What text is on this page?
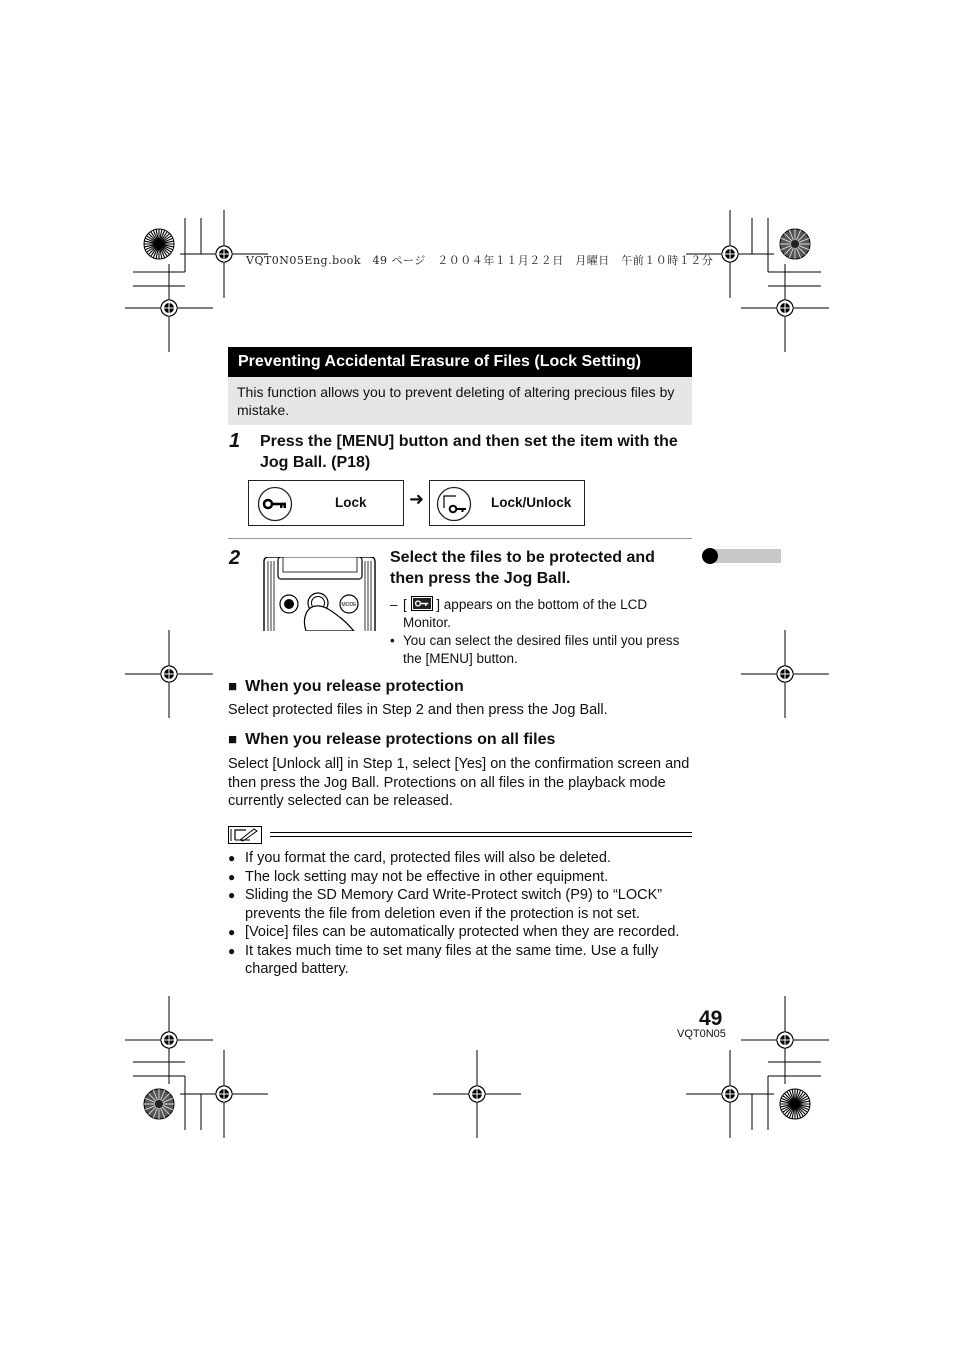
VQT0N05Eng.book　49 ページ　２００４年１１月２２日　月曜日　午前１０時１２分
Preventing Accidental Erasure of Files (Lock Setting)
This function allows you to prevent deleting of altering precious files by mistake.
1 Press the [MENU] button and then set the item with the Jog Ball. (P18)
Lock ➜	Lock/Unlock
2
MODE
Select the files to be protected and then press the Jog Ball.
– [ ] appears on the bottom of the LCD Monitor.
• You can select the desired files until you press the [MENU] button.
■ When you release protection
Select protected files in Step 2 and then press the Jog Ball.
■ When you release protections on all files
Select [Unlock all] in Step 1, select [Yes] on the confirmation screen and then press the Jog Ball. Protections on all files in the playback mode currently selected can be released.
● If you format the card, protected files will also be deleted.
● The lock setting may not be effective in other equipment.
● Sliding the SD Memory Card Write-Protect switch (P9) to “LOCK” prevents the file from deletion even if the protection is not set.
● [Voice] files can be automatically protected when they are recorded.
● It takes much time to set many files at the same time. Use a fully charged battery.
49
VQT0N05
